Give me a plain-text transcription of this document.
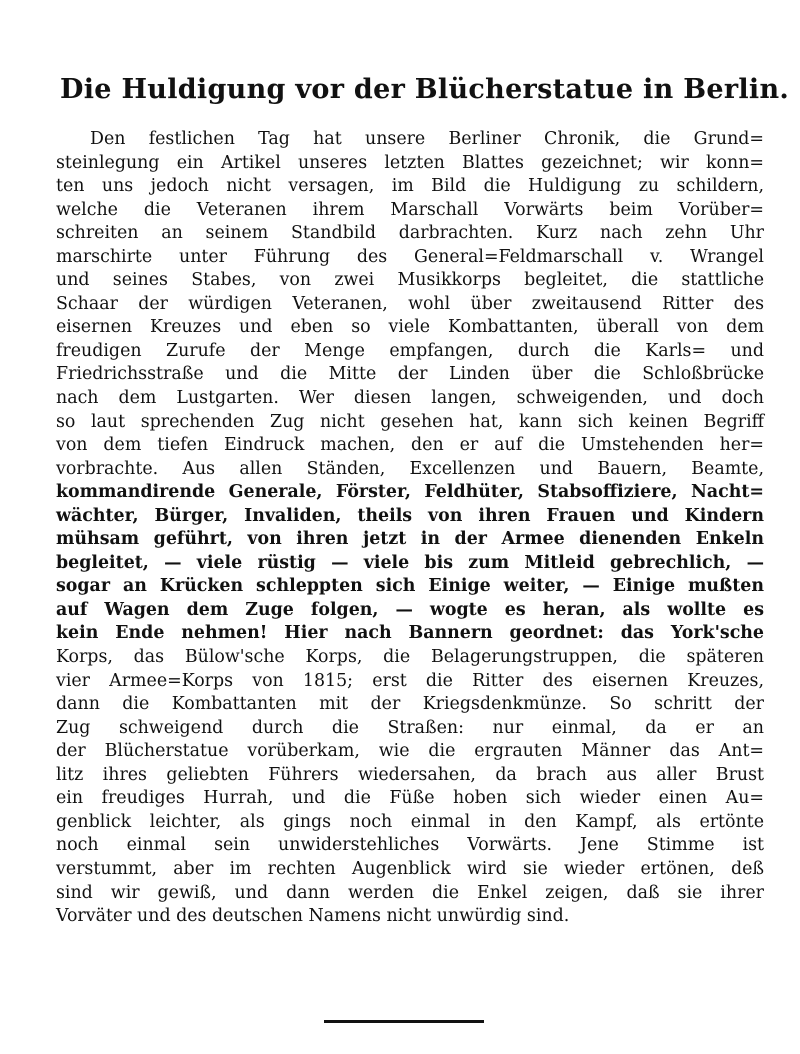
Die Huldigung vor der Blücherstatue in Berlin.
Den festlichen Tag hat unsere Berliner Chronik, die Grund=
steinlegung ein Artikel unseres letzten Blattes gezeichnet; wir konn=
ten uns jedoch nicht versagen, im Bild die Huldigung zu schildern,
welche die Veteranen ihrem Marschall Vorwärts beim Vorüber=
schreiten an seinem Standbild darbrachten. Kurz nach zehn Uhr
marschirte unter Führung des General=Feldmarschall v. Wrangel
und seines Stabes, von zwei Musikkorps begleitet, die stattliche
Schaar der würdigen Veteranen, wohl über zweitausend Ritter des
eisernen Kreuzes und eben so viele Kombattanten, überall von dem
freudigen Zurufe der Menge empfangen, durch die Karls= und
Friedrichsstraße und die Mitte der Linden über die Schloßbrücke
nach dem Lustgarten. Wer diesen langen, schweigenden, und doch
so laut sprechenden Zug nicht gesehen hat, kann sich keinen Begriff
von dem tiefen Eindruck machen, den er auf die Umstehenden her=
vorbrachte. Aus allen Ständen, Excellenzen und Bauern, Beamte,
kommandirende Generale, Förster, Feldhüter, Stabsoffiziere, Nacht=
wächter, Bürger, Invaliden, theils von ihren Frauen und Kindern
mühsam geführt, von ihren jetzt in der Armee dienenden Enkeln
begleitet, — viele rüstig — viele bis zum Mitleid gebrechlich, —
sogar an Krücken schleppten sich Einige weiter, — Einige mußten
auf Wagen dem Zuge folgen, — wogte es heran, als wollte es
kein Ende nehmen! Hier nach Bannern geordnet: das York'sche
Korps, das Bülow'sche Korps, die Belagerungstruppen, die späteren
vier Armee=Korps von 1815; erst die Ritter des eisernen Kreuzes,
dann die Kombattanten mit der Kriegsdenkmünze. So schritt der
Zug schweigend durch die Straßen: nur einmal, da er an
der Blücherstatue vorüberkam, wie die ergrauten Männer das Ant=
litz ihres geliebten Führers wiedersahen, da brach aus aller Brust
ein freudiges Hurrah, und die Füße hoben sich wieder einen Au=
genblick leichter, als gings noch einmal in den Kampf, als ertönte
noch einmal sein unwiderstehliches Vorwärts. Jene Stimme ist
verstummt, aber im rechten Augenblick wird sie wieder ertönen, deß
sind wir gewiß, und dann werden die Enkel zeigen, daß sie ihrer
Vorväter und des deutschen Namens nicht unwürdig sind.
